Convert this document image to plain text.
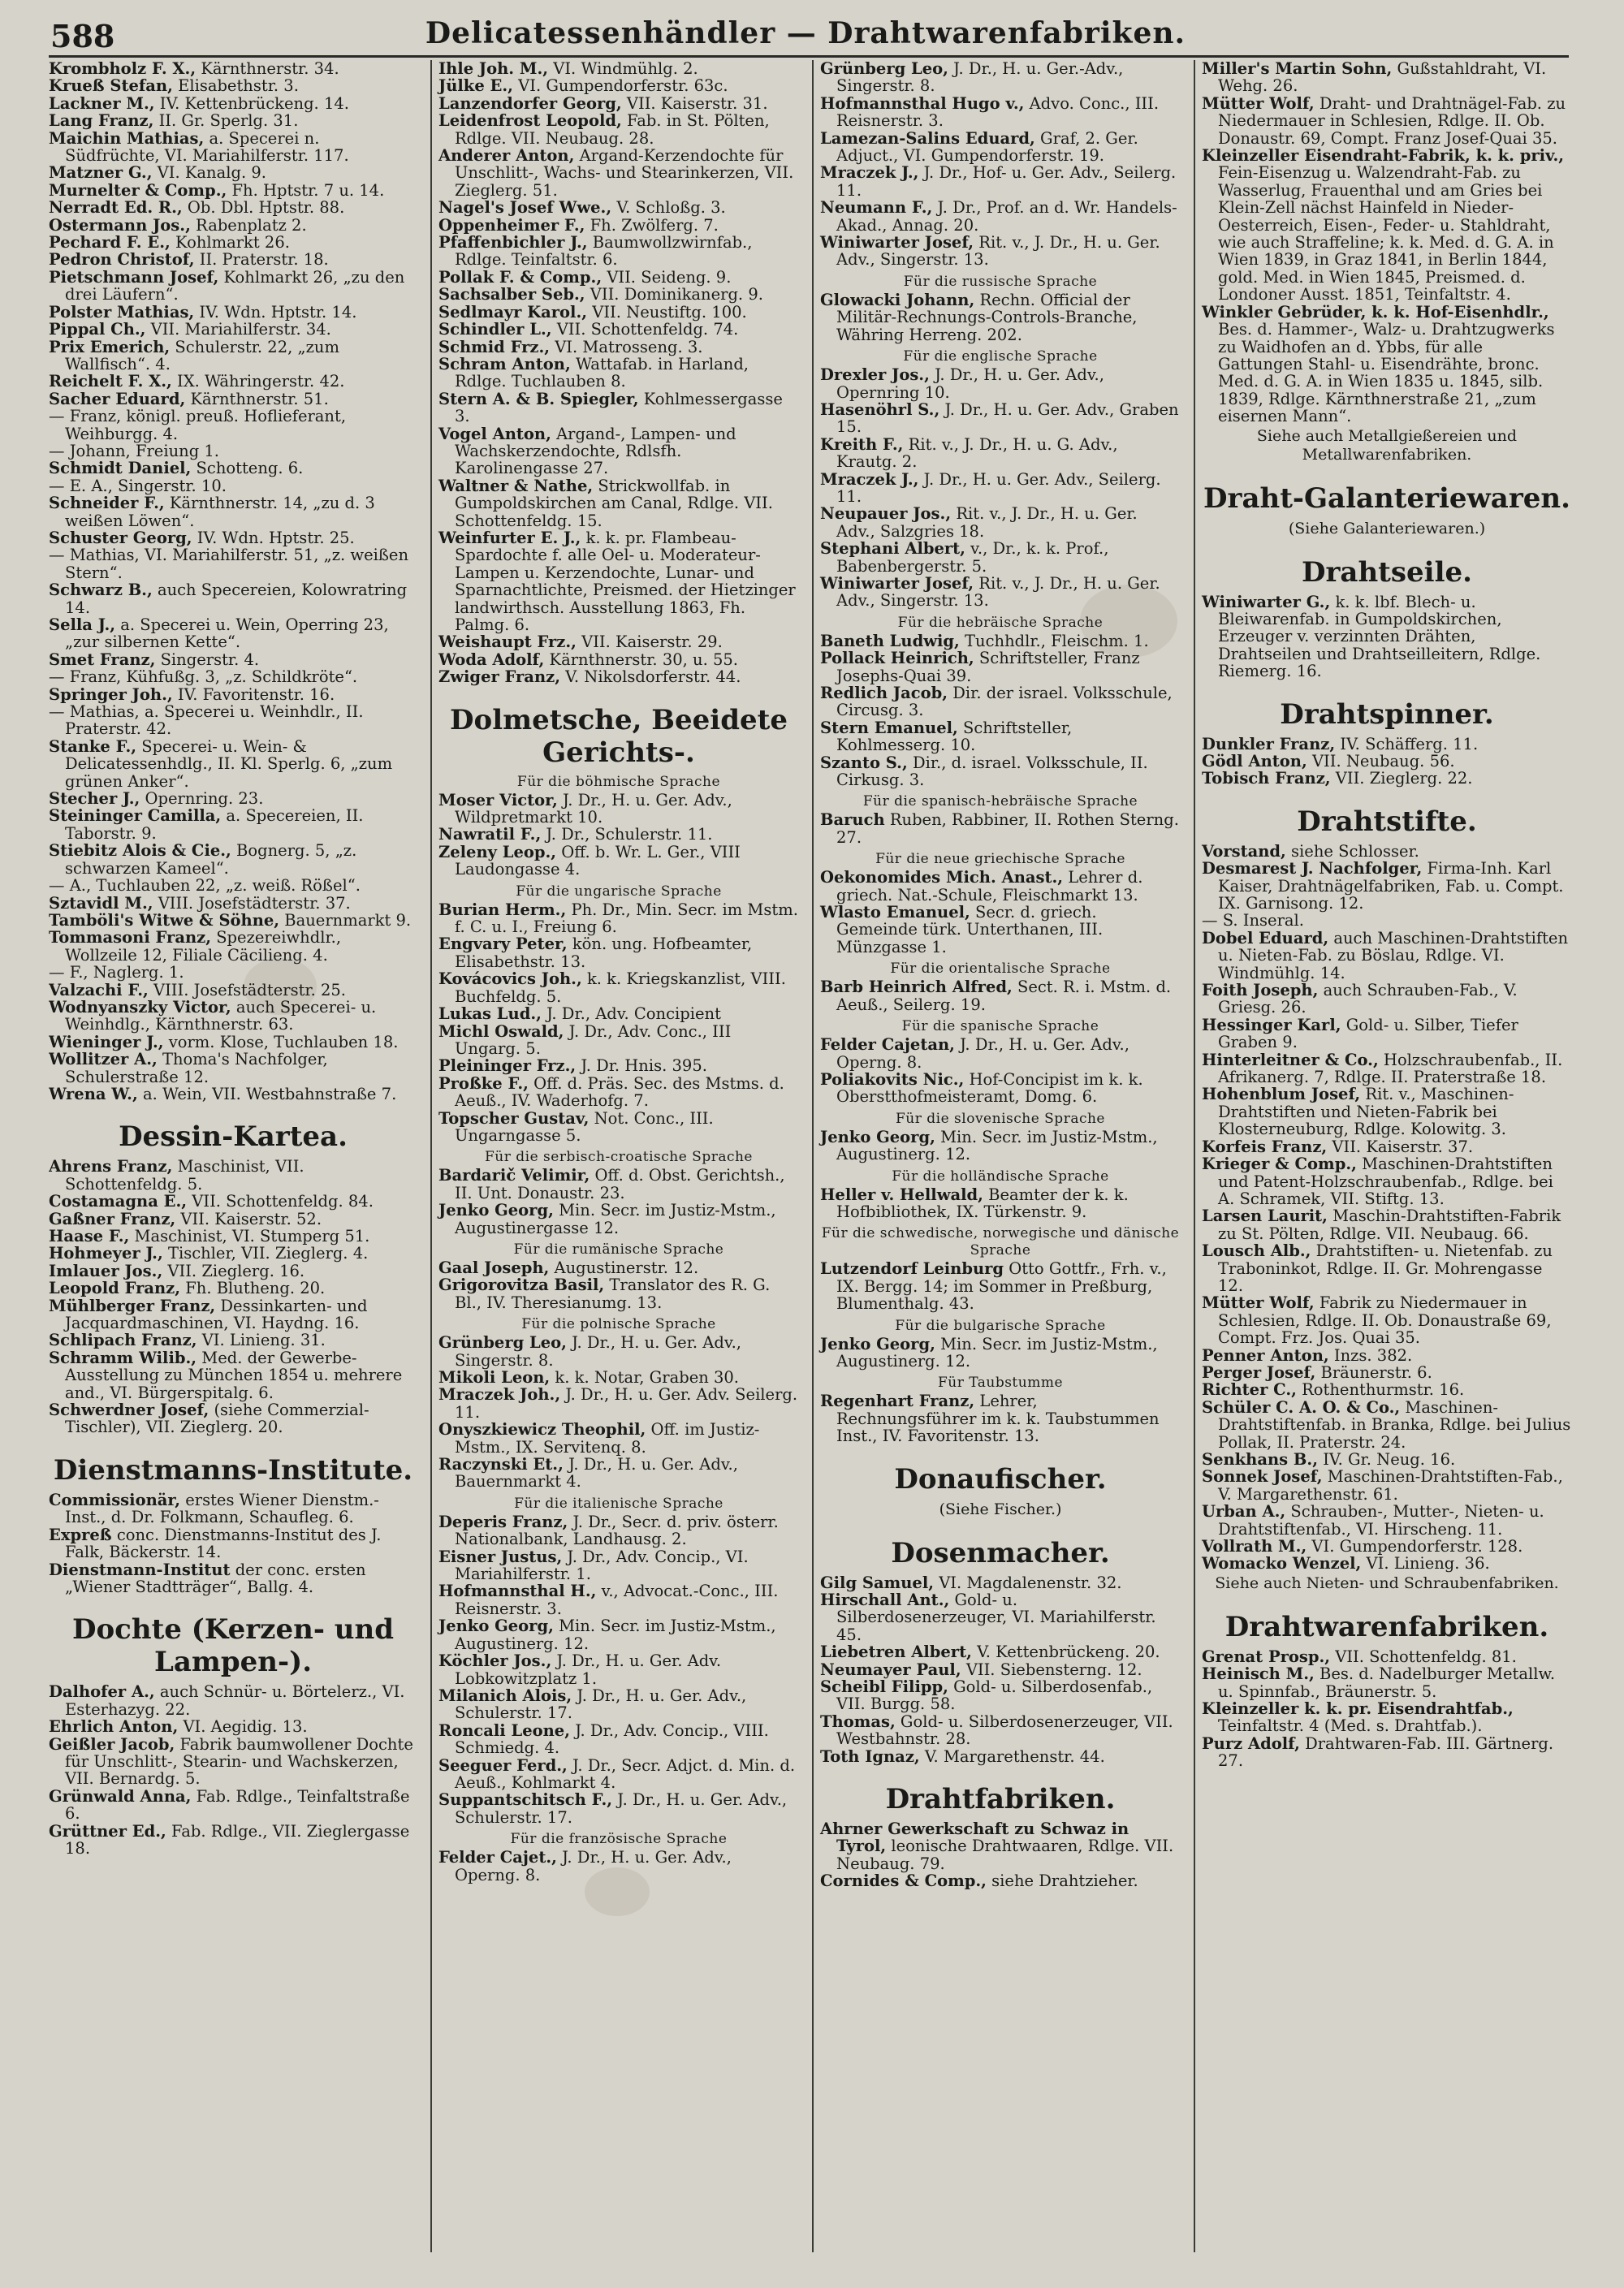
588	Delicatessenhändler — Drahtwarenfabriken.
Krombholz F. X., Kärnthnerstr. 34.
Krueß Stefan, Elisabethstr. 3.
Lackner M., IV. Kettenbrückeng. 14.
Lang Franz, II. Gr. Sperlg. 31.
Maichin Mathias, a. Specerei n. Südfrüchte, VI. Mariahilferstr. 117.
Matzner G., VI. Kanalg. 9.
Murnelter & Comp., Fh. Hptstr. 7 u. 14.
Nerradt Ed. R., Ob. Dbl. Hptstr. 88.
Ostermann Jos., Rabenplatz 2.
Pechard F. E., Kohlmarkt 26.
Pedron Christof, II. Praterstr. 18.
Pietschmann Josef, Kohlmarkt 26, „zu den drei Läufern“.
Polster Mathias, IV. Wdn. Hptstr. 14.
Pippal Ch., VII. Mariahilferstr. 34.
Prix Emerich, Schulerstr. 22, „zum Wallfisch“. 4.
Reichelt F. X., IX. Währingerstr. 42.
Sacher Eduard, Kärnthnerstr. 51.
— Franz, königl. preuß. Hoflieferant, Weihburgg. 4.
— Johann, Freiung 1.
Schmidt Daniel, Schotteng. 6.
— E. A., Singerstr. 10.
Schneider F., Kärnthnerstr. 14, „zu d. 3 weißen Löwen“.
Schuster Georg, IV. Wdn. Hptstr. 25.
— Mathias, VI. Mariahilferstr. 51, „z. weißen Stern“.
Schwarz B., auch Specereien, Kolowratring 14.
Sella J., a. Specerei u. Wein, Operring 23, „zur silbernen Kette“.
Smet Franz, Singerstr. 4.
— Franz, Kühfußg. 3, „z. Schildkröte“.
Springer Joh., IV. Favoritenstr. 16.
— Mathias, a. Specerei u. Weinhdlr., II. Praterstr. 42.
Stanke F., Specerei- u. Wein- & Delicatessenhdlg., II. Kl. Sperlg. 6, „zum grünen Anker“.
Stecher J., Opernring. 23.
Steininger Camilla, a. Specereien, II. Taborstr. 9.
Stiebitz Alois & Cie., Bognerg. 5, „z. schwarzen Kameel“.
— A., Tuchlauben 22, „z. weiß. Rößel“.
Sztavidl M., VIII. Josefstädterstr. 37.
Tamböli's Witwe & Söhne, Bauernmarkt 9.
Tommasoni Franz, Spezereiwhdlr., Wollzeile 12, Filiale Cäcilieng. 4.
— F., Naglerg. 1.
Valzachi F., VIII. Josefstädterstr. 25.
Wodnyanszky Victor, auch Specerei- u. Weinhdlg., Kärnthnerstr. 63.
Wieninger J., vorm. Klose, Tuchlauben 18.
Wollitzer A., Thoma's Nachfolger, Schulerstraße 12.
Wrena W., a. Wein, VII. Westbahnstraße 7.
Dessin-Kartea.
Ahrens Franz, Maschinist, VII. Schottenfeldg. 5.
Costamagna E., VII. Schottenfeldg. 84.
Gaßner Franz, VII. Kaiserstr. 52.
Haase F., Maschinist, VI. Stumperg 51.
Hohmeyer J., Tischler, VII. Zieglerg. 4.
Imlauer Jos., VII. Zieglerg. 16.
Leopold Franz, Fh. Blutheng. 20.
Mühlberger Franz, Dessinkarten- und Jacquardmaschinen, VI. Haydng. 16.
Schlipach Franz, VI. Linieng. 31.
Schramm Wilib., Med. der Gewerbe-Ausstellung zu München 1854 u. mehrere and., VI. Bürgerspitalg. 6.
Schwerdner Josef, (siehe Commerzial-Tischler), VII. Zieglerg. 20.
Dienstmanns-Institute.
Commissionär, erstes Wiener Dienstm.-Inst., d. Dr. Folkmann, Schaufleg. 6.
Expreß conc. Dienstmanns-Institut des J. Falk, Bäckerstr. 14.
Dienstmann-Institut der conc. ersten „Wiener Stadtträger“, Ballg. 4.
Dochte (Kerzen- und Lampen-).
Dalhofer A., auch Schnür- u. Börtelerz., VI. Esterhazyg. 22.
Ehrlich Anton, VI. Aegidig. 13.
Geißler Jacob, Fabrik baumwollener Dochte für Unschlitt-, Stearin- und Wachskerzen, VII. Bernardg. 5.
Grünwald Anna, Fab. Rdlge., Teinfaltstraße 6.
Grüttner Ed., Fab. Rdlge., VII. Zieglergasse 18.
Ihle Joh. M., VI. Windmühlg. 2.
Jülke E., VI. Gumpendorferstr. 63c.
Lanzendorfer Georg, VII. Kaiserstr. 31.
Leidenfrost Leopold, Fab. in St. Pölten, Rdlge. VII. Neubaug. 28.
Anderer Anton, Argand-Kerzendochte für Unschlitt-, Wachs- und Stearinkerzen, VII. Zieglerg. 51.
Nagel's Josef Wwe., V. Schloßg. 3.
Oppenheimer F., Fh. Zwölferg. 7.
Pfaffenbichler J., Baumwollzwirnfab., Rdlge. Teinfaltstr. 6.
Pollak F. & Comp., VII. Seideng. 9.
Sachsalber Seb., VII. Dominikanerg. 9.
Sedlmayr Karol., VII. Neustiftg. 100.
Schindler L., VII. Schottenfeldg. 74.
Schmid Frz., VI. Matrosseng. 3.
Schram Anton, Wattafab. in Harland, Rdlge. Tuchlauben 8.
Stern A. & B. Spiegler, Kohlmessergasse 3.
Vogel Anton, Argand-, Lampen- und Wachskerzendochte, Rdlsfh. Karolinengasse 27.
Waltner & Nathe, Strickwollfab. in Gumpoldskirchen am Canal, Rdlge. VII. Schottenfeldg. 15.
Weinfurter E. J., k. k. pr. Flambeau-Spardochte f. alle Oel- u. Moderateur-Lampen u. Kerzendochte, Lunar- und Sparnachtlichte, Preismed. der Hietzinger landwirthsch. Ausstellung 1863, Fh. Palmg. 6.
Weishaupt Frz., VII. Kaiserstr. 29.
Woda Adolf, Kärnthnerstr. 30, u. 55.
Zwiger Franz, V. Nikolsdorferstr. 44.
Dolmetsche, Beeidete Gerichts-.
Für die böhmische Sprache
Moser Victor, J. Dr., H. u. Ger. Adv., Wildpretmarkt 10.
Nawratil F., J. Dr., Schulerstr. 11.
Zeleny Leop., Off. b. Wr. L. Ger., VIII Laudongasse 4.
Für die ungarische Sprache
Burian Herm., Ph. Dr., Min. Secr. im Mstm. f. C. u. I., Freiung 6.
Engvary Peter, kön. ung. Hofbeamter, Elisabethstr. 13.
Kovácovics Joh., k. k. Kriegskanzlist, VIII. Buchfeldg. 5.
Lukas Lud., J. Dr., Adv. Concipient
Michl Oswald, J. Dr., Adv. Conc., III Ungarg. 5.
Pleininger Frz., J. Dr. Hnis. 395.
Proßke F., Off. d. Präs. Sec. des Mstms. d. Aeuß., IV. Waderhofg. 7.
Topscher Gustav, Not. Conc., III. Ungarngasse 5.
Für die serbisch-croatische Sprache
Bardarič Velimir, Off. d. Obst. Gerichtsh., II. Unt. Donaustr. 23.
Jenko Georg, Min. Secr. im Justiz-Mstm., Augustinergasse 12.
Für die rumänische Sprache
Gaal Joseph, Augustinerstr. 12.
Grigorovitza Basil, Translator des R. G. Bl., IV. Theresianumg. 13.
Für die polnische Sprache
Grünberg Leo, J. Dr., H. u. Ger. Adv., Singerstr. 8.
Mikoli Leon, k. k. Notar, Graben 30.
Mraczek Joh., J. Dr., H. u. Ger. Adv. Seilerg. 11.
Onyszkiewicz Theophil, Off. im Justiz-Mstm., IX. Servitenq. 8.
Raczynski Et., J. Dr., H. u. Ger. Adv., Bauernmarkt 4.
Für die italienische Sprache
Deperis Franz, J. Dr., Secr. d. priv. österr. Nationalbank, Landhausg. 2.
Eisner Justus, J. Dr., Adv. Concip., VI. Mariahilferstr. 1.
Hofmannsthal H., v., Advocat.-Conc., III. Reisnerstr. 3.
Jenko Georg, Min. Secr. im Justiz-Mstm., Augustinerg. 12.
Köchler Jos., J. Dr., H. u. Ger. Adv. Lobkowitzplatz 1.
Milanich Alois, J. Dr., H. u. Ger. Adv., Schulerstr. 17.
Roncali Leone, J. Dr., Adv. Concip., VIII. Schmiedg. 4.
Seeguer Ferd., J. Dr., Secr. Adjct. d. Min. d. Aeuß., Kohlmarkt 4.
Suppantschitsch F., J. Dr., H. u. Ger. Adv., Schulerstr. 17.
Für die französische Sprache
Felder Cajet., J. Dr., H. u. Ger. Adv., Operng. 8.
Grünberg Leo, J. Dr., H. u. Ger.-Adv., Singerstr. 8.
Hofmannsthal Hugo v., Advo. Conc., III. Reisnerstr. 3.
Lamezan-Salins Eduard, Graf, 2. Ger. Adjuct., VI. Gumpendorferstr. 19.
Mraczek J., J. Dr., Hof- u. Ger. Adv., Seilerg. 11.
Neumann F., J. Dr., Prof. an d. Wr. Handels-Akad., Annag. 20.
Winiwarter Josef, Rit. v., J. Dr., H. u. Ger. Adv., Singerstr. 13.
Für die russische Sprache
Glowacki Johann, Rechn. Official der Militär-Rechnungs-Controls-Branche, Währing Herreng. 202.
Für die englische Sprache
Drexler Jos., J. Dr., H. u. Ger. Adv., Opernring 10.
Hasenöhrl S., J. Dr., H. u. Ger. Adv., Graben 15.
Kreith F., Rit. v., J. Dr., H. u. G. Adv., Krautg. 2.
Mraczek J., J. Dr., H. u. Ger. Adv., Seilerg. 11.
Neupauer Jos., Rit. v., J. Dr., H. u. Ger. Adv., Salzgries 18.
Stephani Albert, v., Dr., k. k. Prof., Babenbergerstr. 5.
Winiwarter Josef, Rit. v., J. Dr., H. u. Ger. Adv., Singerstr. 13.
Für die hebräische Sprache
Baneth Ludwig, Tuchhdlr., Fleischm. 1.
Pollack Heinrich, Schriftsteller, Franz Josephs-Quai 39.
Redlich Jacob, Dir. der israel. Volksschule, Circusg. 3.
Stern Emanuel, Schriftsteller, Kohlmesserg. 10.
Szanto S., Dir., d. israel. Volksschule, II. Cirkusg. 3.
Für die spanisch-hebräische Sprache
Baruch Ruben, Rabbiner, II. Rothen Sterng. 27.
Für die neue griechische Sprache
Oekonomides Mich. Anast., Lehrer d. griech. Nat.-Schule, Fleischmarkt 13.
Wlasto Emanuel, Secr. d. griech. Gemeinde türk. Unterthanen, III. Münzgasse 1.
Für die orientalische Sprache
Barb Heinrich Alfred, Sect. R. i. Mstm. d. Aeuß., Seilerg. 19.
Für die spanische Sprache
Felder Cajetan, J. Dr., H. u. Ger. Adv., Operng. 8.
Poliakovits Nic., Hof-Concipist im k. k. Oberstthofmeisteramt, Domg. 6.
Für die slovenische Sprache
Jenko Georg, Min. Secr. im Justiz-Mstm., Augustinerg. 12.
Für die holländische Sprache
Heller v. Hellwald, Beamter der k. k. Hofbibliothek, IX. Türkenstr. 9.
Für die schwedische, norwegische und dänische Sprache
Lutzendorf Leinburg Otto Gottfr., Frh. v., IX. Bergg. 14; im Sommer in Preßburg, Blumenthalg. 43.
Für die bulgarische Sprache
Jenko Georg, Min. Secr. im Justiz-Mstm., Augustinerg. 12.
Für Taubstumme
Regenhart Franz, Lehrer, Rechnungsführer im k. k. Taubstummen Inst., IV. Favoritenstr. 13.
Donaufischer.
(Siehe Fischer.)
Dosenmacher.
Gilg Samuel, VI. Magdalenenstr. 32.
Hirschall Ant., Gold- u. Silberdosenerzeuger, VI. Mariahilferstr. 45.
Liebetren Albert, V. Kettenbrückeng. 20.
Neumayer Paul, VII. Siebensterng. 12.
Scheibl Filipp, Gold- u. Silberdosenfab., VII. Burgg. 58.
Thomas, Gold- u. Silberdosenerzeuger, VII. Westbahnstr. 28.
Toth Ignaz, V. Margarethenstr. 44.
Drahtfabriken.
Ahrner Gewerkschaft zu Schwaz in Tyrol, leonische Drahtwaaren, Rdlge. VII. Neubaug. 79.
Cornides & Comp., siehe Drahtzieher.
Miller's Martin Sohn, Gußstahldraht, VI. Wehg. 26.
Mütter Wolf, Draht- und Drahtnägel-Fab. zu Niedermauer in Schlesien, Rdlge. II. Ob. Donaustr. 69, Compt. Franz Josef-Quai 35.
Kleinzeller Eisendraht-Fabrik, k. k. priv., Fein-Eisenzug u. Walzendraht-Fab. zu Wasserlug, Frauenthal und am Gries bei Klein-Zell nächst Hainfeld in Nieder-Oesterreich, Eisen-, Feder- u. Stahldraht, wie auch Straffeline; k. k. Med. d. G. A. in Wien 1839, in Graz 1841, in Berlin 1844, gold. Med. in Wien 1845, Preismed. d. Londoner Ausst. 1851, Teinfaltstr. 4.
Winkler Gebrüder, k. k. Hof-Eisenhdlr., Bes. d. Hammer-, Walz- u. Drahtzugwerks zu Waidhofen an d. Ybbs, für alle Gattungen Stahl- u. Eisendrähte, bronc. Med. d. G. A. in Wien 1835 u. 1845, silb. 1839, Rdlge. Kärnthnerstraße 21, „zum eisernen Mann“.
Siehe auch Metallgießereien und Metallwarenfabriken.
Draht-Galanteriewaren.
(Siehe Galanteriewaren.)
Drahtseile.
Winiwarter G., k. k. lbf. Blech- u. Bleiwarenfab. in Gumpoldskirchen, Erzeuger v. verzinnten Drähten, Drahtseilen und Drahtseilleitern, Rdlge. Riemerg. 16.
Drahtspinner.
Dunkler Franz, IV. Schäfferg. 11.
Gödl Anton, VII. Neubaug. 56.
Tobisch Franz, VII. Zieglerg. 22.
Drahtstifte.
Vorstand, siehe Schlosser.
Desmarest J. Nachfolger, Firma-Inh. Karl Kaiser, Drahtnägelfabriken, Fab. u. Compt. IX. Garnisong. 12.
— S. Inseral.
Dobel Eduard, auch Maschinen-Drahtstiften u. Nieten-Fab. zu Böslau, Rdlge. VI. Windmühlg. 14.
Foith Joseph, auch Schrauben-Fab., V. Griesg. 26.
Hessinger Karl, Gold- u. Silber, Tiefer Graben 9.
Hinterleitner & Co., Holzschraubenfab., II. Afrikanerg. 7, Rdlge. II. Praterstraße 18.
Hohenblum Josef, Rit. v., Maschinen-Drahtstiften und Nieten-Fabrik bei Klosterneuburg, Rdlge. Kolowitg. 3.
Korfeis Franz, VII. Kaiserstr. 37.
Krieger & Comp., Maschinen-Drahtstiften und Patent-Holzschraubenfab., Rdlge. bei A. Schramek, VII. Stiftg. 13.
Larsen Laurit, Maschin-Drahtstiften-Fabrik zu St. Pölten, Rdlge. VII. Neubaug. 66.
Lousch Alb., Drahtstiften- u. Nietenfab. zu Traboninkot, Rdlge. II. Gr. Mohrengasse 12.
Mütter Wolf, Fabrik zu Niedermauer in Schlesien, Rdlge. II. Ob. Donaustraße 69, Compt. Frz. Jos. Quai 35.
Penner Anton, Inzs. 382.
Perger Josef, Bräunerstr. 6.
Richter C., Rothenthurmstr. 16.
Schüler C. A. O. & Co., Maschinen-Drahtstiftenfab. in Branka, Rdlge. bei Julius Pollak, II. Praterstr. 24.
Senkhans B., IV. Gr. Neug. 16.
Sonnek Josef, Maschinen-Drahtstiften-Fab., V. Margarethenstr. 61.
Urban A., Schrauben-, Mutter-, Nieten- u. Drahtstiftenfab., VI. Hirscheng. 11.
Vollrath M., VI. Gumpendorferstr. 128.
Womacko Wenzel, VI. Linieng. 36.
Siehe auch Nieten- und Schraubenfabriken.
Drahtwarenfabriken.
Grenat Prosp., VII. Schottenfeldg. 81.
Heinisch M., Bes. d. Nadelburger Metallw. u. Spinnfab., Bräunerstr. 5.
Kleinzeller k. k. pr. Eisendrahtfab., Teinfaltstr. 4 (Med. s. Drahtfab.).
Purz Adolf, Drahtwaren-Fab. III. Gärtnerg. 27.
